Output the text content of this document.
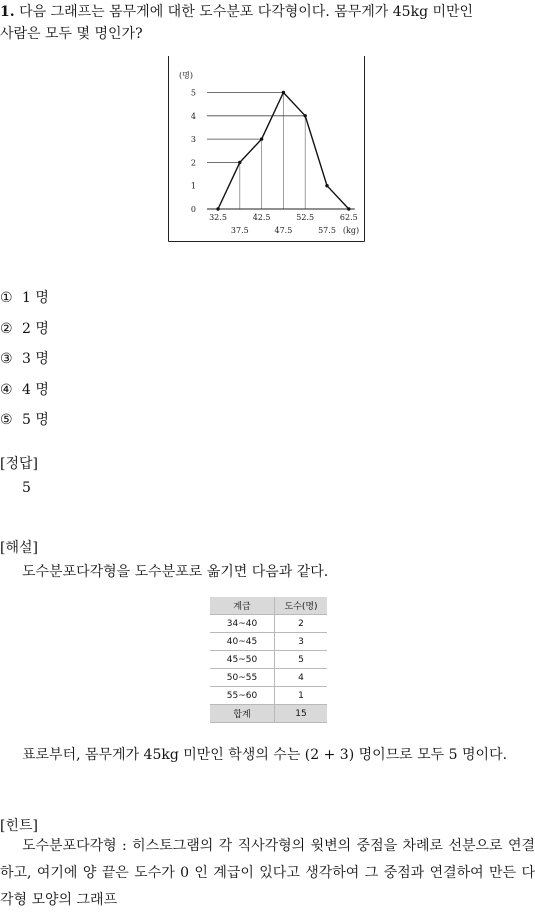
1. 다음 그래프는 몸무게에 대한 도수분포 다각형이다. 몸무게가 45kg 미만인
사람은 모두 몇 명인가?
(명)
0
1
2
3
4
5
32.5	42.5	52.5	62.5
37.5	47.5	57.5 (kg)
① 1 명
② 2 명
③ 3 명
④ 4 명
⑤ 5 명
[정답]
5
[해설]
도수분포다각형을 도수분포로 옮기면 다음과 같다.
계급	도수(명)
34~40	2
40~45	3
45~50	5
50~55	4
55~60	1
합계	15
표로부터, 몸무게가 45kg 미만인 학생의 수는 (2 + 3) 명이므로 모두 5 명이다.
[힌트]
도수분포다각형 : 히스토그램의 각 직사각형의 윗변의 중점을 차례로 선분으로 연결하고, 여기에 양 끝은 도수가 0 인 계급이 있다고 생각하여 그 중점과 연결하여 만든 다각형 모양의 그래프
